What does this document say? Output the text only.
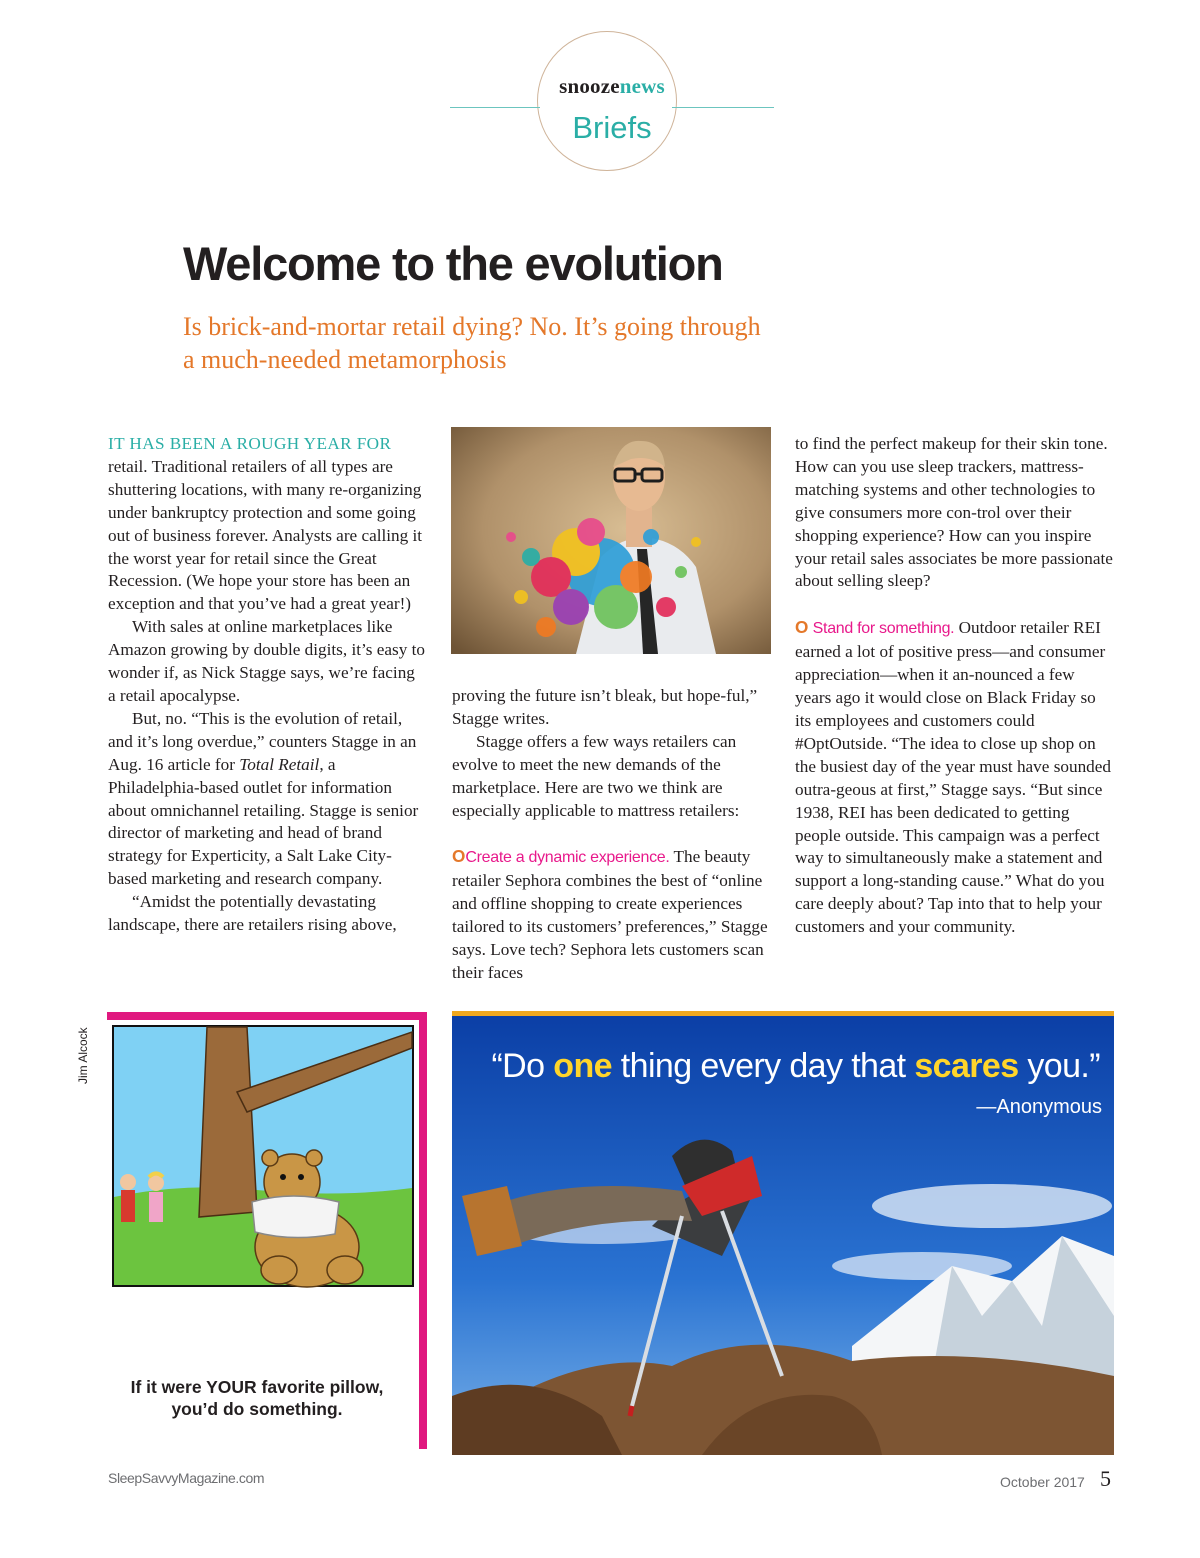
snoozenews
Briefs
Welcome to the evolution
Is brick-and-mortar retail dying? No. It’s going through
a much-needed metamorphosis
IT HAS BEEN A ROUGH YEAR FOR

retail. Traditional retailers of all types are shuttering locations, with many re-organizing under bankruptcy protection and some going out of business forever. Analysts are calling it the worst year for retail since the Great Recession. (We hope your store has been an exception and that you’ve had a great year!)

With sales at online marketplaces like Amazon growing by double digits, it’s easy to wonder if, as Nick Stagge says, we’re facing a retail apocalypse.

But, no. “This is the evolution of retail, and it’s long overdue,” counters Stagge in an Aug. 16 article for Total Retail, a Philadelphia-based outlet for information about omnichannel retailing. Stagge is senior director of marketing and head of brand strategy for Experticity, a Salt Lake City-based marketing and research company.

“Amidst the potentially devastating landscape, there are retailers rising above,

proving the future isn’t bleak, but hope-ful,” Stagge writes.

Stagge offers a few ways retailers can evolve to meet the new demands of the marketplace. Here are two we think are especially applicable to mattress retailers:

OCreate a dynamic experience. The beauty retailer Sephora combines the best of “online and offline shopping to create experiences tailored to its customers’ preferences,” Stagge says. Love tech? Sephora lets customers scan their faces

to find the perfect makeup for their skin tone. How can you use sleep trackers, mattress-matching systems and other technologies to give consumers more con-trol over their shopping experience? How can you inspire your retail sales associates be more passionate about selling sleep?

O Stand for something. Outdoor retailer REI earned a lot of positive press—and consumer appreciation—when it an-nounced a few years ago it would close on Black Friday so its employees and customers could #OptOutside. “The idea to close up shop on the busiest day of the year must have sounded outra-geous at first,” Stagge says. “But since 1938, REI has been dedicated to getting people outside. This campaign was a perfect way to simultaneously make a statement and support a long-standing cause.” What do you care deeply about? Tap into that to help your customers and your community.

Jim Alcock
If it were YOUR favorite pillow,
you’d do something.
“Do one thing every day that scares you.”
—Anonymous
SleepSavvyMagazine.com	October 2017 5
